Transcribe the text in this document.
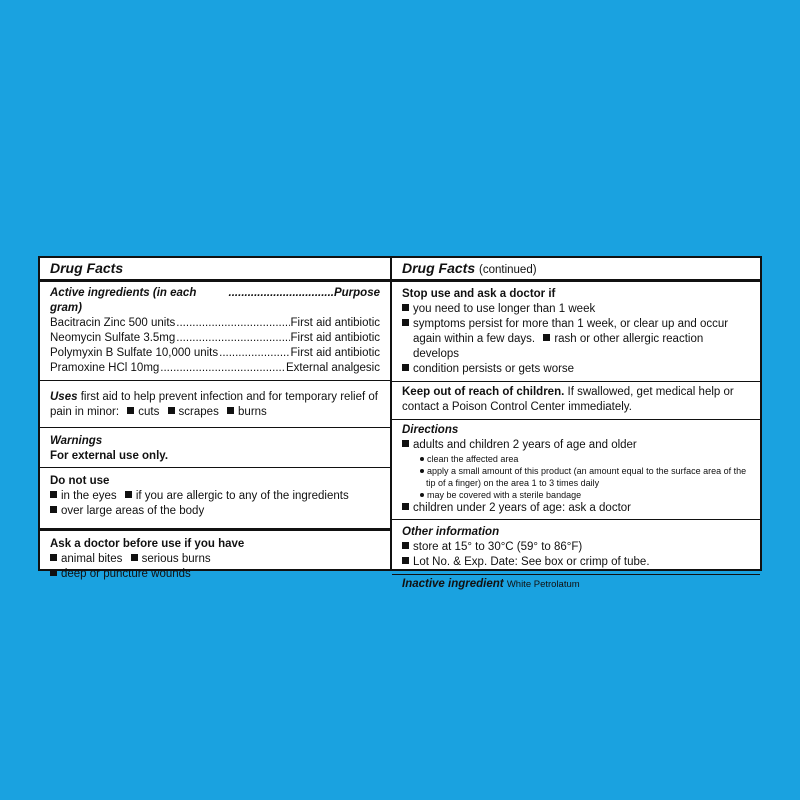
Drug Facts
Active ingredients (in each gram)
................................. Purpose
Bacitracin Zinc 500 units .....	First aid antibiotic
Neomycin Sulfate 3.5mg .....	First aid antibiotic
Polymyxin B Sulfate 10,000 units .....	First aid antibiotic
Pramoxine HCl 10mg .....	External analgesic
Uses first aid to help prevent infection and for temporary relief of pain in minor: cuts scrapes burns
Warnings
For external use only.
Do not use
in the eyes if you are allergic to any of the ingredients
over large areas of the body
Ask a doctor before use if you have
animal bites serious burns
deep or puncture wounds
Drug Facts (continued)
Stop use and ask a doctor if
you need to use longer than 1 week
symptoms persist for more than 1 week, or clear up and occur again within a few days. rash or other allergic reaction develops
condition persists or gets worse
Keep out of reach of children. If swallowed, get medical help or contact a Poison Control Center immediately.
Directions
adults and children 2 years of age and older
clean the affected area
apply a small amount of this product (an amount equal to the surface area of the tip of a finger) on the area 1 to 3 times daily
may be covered with a sterile bandage
children under 2 years of age: ask a doctor
Other information
store at 15° to 30°C (59° to 86°F)
Lot No. & Exp. Date: See box or crimp of tube.
Inactive ingredient White Petrolatum
